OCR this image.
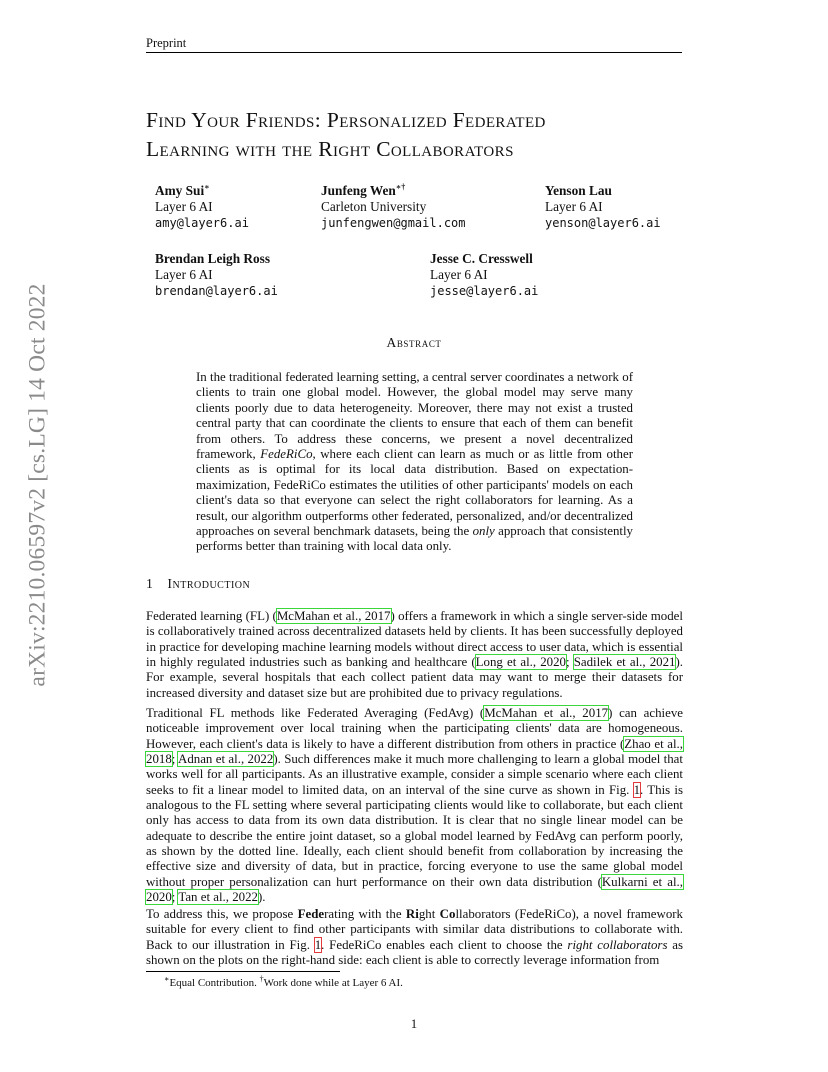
arXiv:2210.06597v2 [cs.LG] 14 Oct 2022
Preprint
Find Your Friends: Personalized Federated
Learning with the Right Collaborators
Amy Sui∗
Layer 6 AI
amy@layer6.ai
Junfeng Wen∗†
Carleton University
junfengwen@gmail.com
Yenson Lau
Layer 6 AI
yenson@layer6.ai
Brendan Leigh Ross
Layer 6 AI
brendan@layer6.ai
Jesse C. Cresswell
Layer 6 AI
jesse@layer6.ai
Abstract
In the traditional federated learning setting, a central server coordinates a network of clients to train one global model. However, the global model may serve many clients poorly due to data heterogeneity. Moreover, there may not exist a trusted central party that can coordinate the clients to ensure that each of them can benefit from others. To address these concerns, we present a novel decentralized framework, FedeRiCo, where each client can learn as much or as little from other clients as is optimal for its local data distribution. Based on expectation-maximization, FedeRiCo estimates the utilities of other participants' models on each client's data so that everyone can select the right collaborators for learning. As a result, our algorithm outperforms other federated, personalized, and/or decentralized approaches on several benchmark datasets, being the only approach that consistently performs better than training with local data only.
1 Introduction
Federated learning (FL) (McMahan et al., 2017) offers a framework in which a single server-side model is collaboratively trained across decentralized datasets held by clients. It has been successfully deployed in practice for developing machine learning models without direct access to user data, which is essential in highly regulated industries such as banking and healthcare (Long et al., 2020; Sadilek et al., 2021). For example, several hospitals that each collect patient data may want to merge their datasets for increased diversity and dataset size but are prohibited due to privacy regulations.
Traditional FL methods like Federated Averaging (FedAvg) (McMahan et al., 2017) can achieve noticeable improvement over local training when the participating clients' data are homogeneous. However, each client's data is likely to have a different distribution from others in practice (Zhao et al., 2018; Adnan et al., 2022). Such differences make it much more challenging to learn a global model that works well for all participants. As an illustrative example, consider a simple scenario where each client seeks to fit a linear model to limited data, on an interval of the sine curve as shown in Fig. 1. This is analogous to the FL setting where several participating clients would like to collaborate, but each client only has access to data from its own data distribution. It is clear that no single linear model can be adequate to describe the entire joint dataset, so a global model learned by FedAvg can perform poorly, as shown by the dotted line. Ideally, each client should benefit from collaboration by increasing the effective size and diversity of data, but in practice, forcing everyone to use the same global model without proper personalization can hurt performance on their own data distribution (Kulkarni et al., 2020; Tan et al., 2022).
To address this, we propose Federating with the Right Collaborators (FedeRiCo), a novel framework suitable for every client to find other participants with similar data distributions to collaborate with. Back to our illustration in Fig. 1. FedeRiCo enables each client to choose the right collaborators as shown on the plots on the right-hand side: each client is able to correctly leverage information from
∗Equal Contribution. †Work done while at Layer 6 AI.
1
